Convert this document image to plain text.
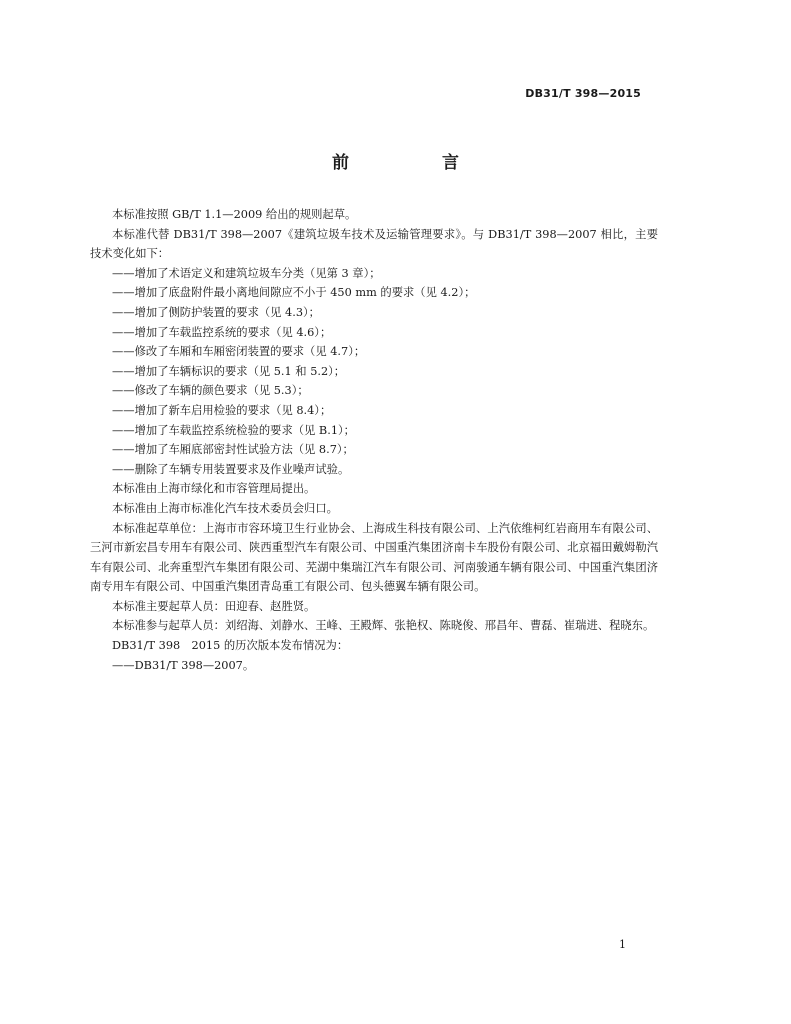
DB31/T 398—2015
前　言

本标准按照 GB/T 1.1—2009 给出的规则起草。

本标准代替 DB31/T 398—2007《建筑垃圾车技术及运输管理要求》。与 DB31/T 398—2007 相比，主要技术变化如下：

——增加了术语定义和建筑垃圾车分类（见第 3 章）；

——增加了底盘附件最小离地间隙应不小于 450 mm 的要求（见 4.2）；

——增加了侧防护装置的要求（见 4.3）；

——增加了车载监控系统的要求（见 4.6）；

——修改了车厢和车厢密闭装置的要求（见 4.7）；

——增加了车辆标识的要求（见 5.1 和 5.2）；

——修改了车辆的颜色要求（见 5.3）；

——增加了新车启用检验的要求（见 8.4）；

——增加了车载监控系统检验的要求（见 B.1）；

——增加了车厢底部密封性试验方法（见 8.7）；

——删除了车辆专用装置要求及作业噪声试验。

本标准由上海市绿化和市容管理局提出。

本标准由上海市标准化汽车技术委员会归口。

本标准起草单位：上海市市容环境卫生行业协会、上海成生科技有限公司、上汽依维柯红岩商用车有限公司、三河市新宏昌专用车有限公司、陕西重型汽车有限公司、中国重汽集团济南卡车股份有限公司、北京福田戴姆勒汽车有限公司、北奔重型汽车集团有限公司、芜湖中集瑞江汽车有限公司、河南骏通车辆有限公司、中国重汽集团济南专用车有限公司、中国重汽集团青岛重工有限公司、包头德翼车辆有限公司。

本标准主要起草人员：田迎春、赵胜贤。

本标准参与起草人员：刘绍海、刘静水、王峰、王殿辉、张艳权、陈晓俊、邢昌年、曹磊、崔瑞进、程晓东。

DB31/T 398　2015 的历次版本发布情况为：

——DB31/T 398—2007。

1
